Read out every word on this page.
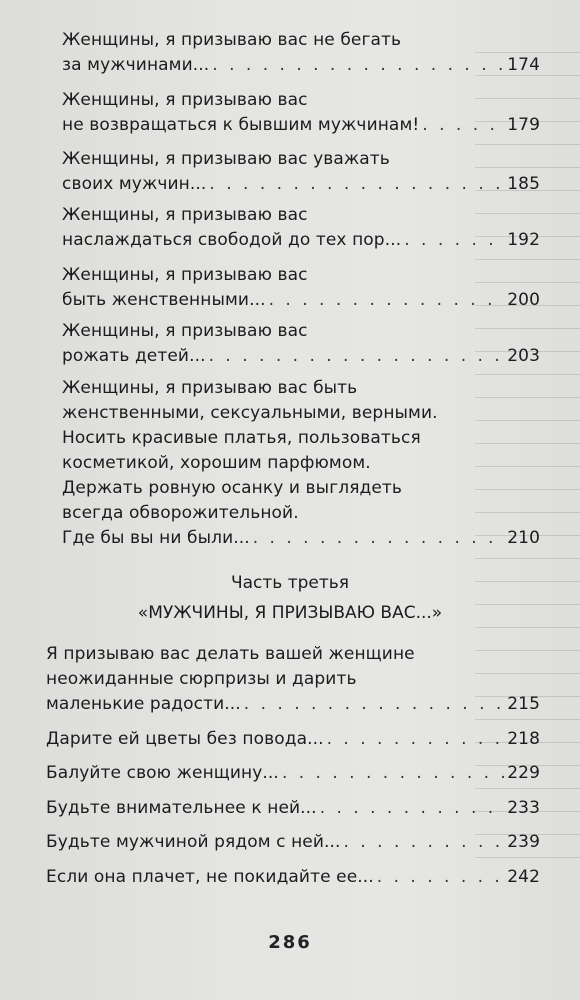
Женщины, я призываю вас не бегать
за мужчинами... . . .	174
Женщины, я призываю вас
не возвращаться к бывшим мужчинам! . . .	179
Женщины, я призываю вас уважать
своих мужчин... . . .	185
Женщины, я призываю вас
наслаждаться свободой до тех пор... . . .	192
Женщины, я призываю вас
быть женственными... . . .	200
Женщины, я призываю вас
рожать детей... . . .	203
Женщины, я призываю вас быть
женственными, сексуальными, верными.
Носить красивые платья, пользоваться
косметикой, хорошим парфюмом.
Держать ровную осанку и выглядеть
всегда обворожительной.
Где бы вы ни были... . . .	210
Часть третья
«МУЖЧИНЫ, Я ПРИЗЫВАЮ ВАС...»
Я призываю вас делать вашей женщине
неожиданные сюрпризы и дарить
маленькие радости... . . .	215
Дарите ей цветы без повода... . . .	218
Балуйте свою женщину... . . .	229
Будьте внимательнее к ней... . . .	233
Будьте мужчиной рядом с ней... . . .	239
Если она плачет, не покидайте ее... . . .	242
286
